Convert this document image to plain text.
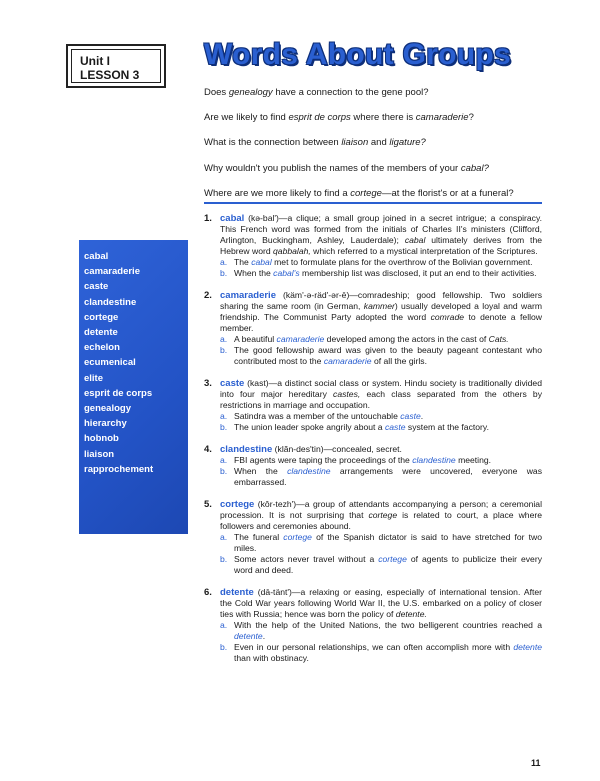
Unit I
LESSON 3
Words About Groups

Does genealogy have a connection to the gene pool?

Are we likely to find esprit de corps where there is camaraderie?

What is the connection between liaison and ligature?

Why wouldn't you publish the names of the members of your cabal?

Where are we more likely to find a cortege—at the florist's or at a funeral?

cabal
camaraderie
caste
clandestine
cortege
detente
echelon
ecumenical
elite
esprit de corps
genealogy
hierarchy
hobnob
liaison
rapprochement
1. cabal (kə-bal')—a clique; a small group joined in a secret intrigue; a conspiracy. This French word was formed from the initials of Charles II's ministers (Clifford, Arlington, Buckingham, Ashley, Lauderdale); cabal ultimately derives from the Hebrew word qabbalah, which referred to a mystical interpretation of the Scriptures.
a. The cabal met to formulate plans for the overthrow of the Bolivian government.
b. When the cabal's membership list was disclosed, it put an end to their activities.
2. camaraderie (käm'-ə-räd'-ər-ē)—comradeship; good fellowship. Two soldiers sharing the same room (in German, kammer) usually developed a loyal and warm friendship. The Communist Party adopted the word comrade to denote a fellow member.
a. A beautiful camaraderie developed among the actors in the cast of Cats.
b. The good fellowship award was given to the beauty pageant contestant who contributed most to the camaraderie of all the girls.
3. caste (kast)—a distinct social class or system. Hindu society is traditionally divided into four major hereditary castes, each class separated from the others by restrictions in marriage and occupation.
a. Satindra was a member of the untouchable caste.
b. The union leader spoke angrily about a caste system at the factory.
4. clandestine (klăn-des'tin)—concealed, secret.
a. FBI agents were taping the proceedings of the clandestine meeting.
b. When the clandestine arrangements were uncovered, everyone was embarrassed.
5. cortege (kôr-tezh')—a group of attendants accompanying a person; a ceremonial procession. It is not surprising that cortege is related to court, a place where followers and ceremonies abound.
a. The funeral cortege of the Spanish dictator is said to have stretched for two miles.
b. Some actors never travel without a cortege of agents to publicize their every word and deed.
6. detente (dā-tänt')—a relaxing or easing, especially of international tension. After the Cold War years following World War II, the U.S. embarked on a policy of closer ties with Russia; hence was born the policy of detente.
a. With the help of the United Nations, the two belligerent countries reached a detente.
b. Even in our personal relationships, we can often accomplish more with detente than with obstinacy.
11
